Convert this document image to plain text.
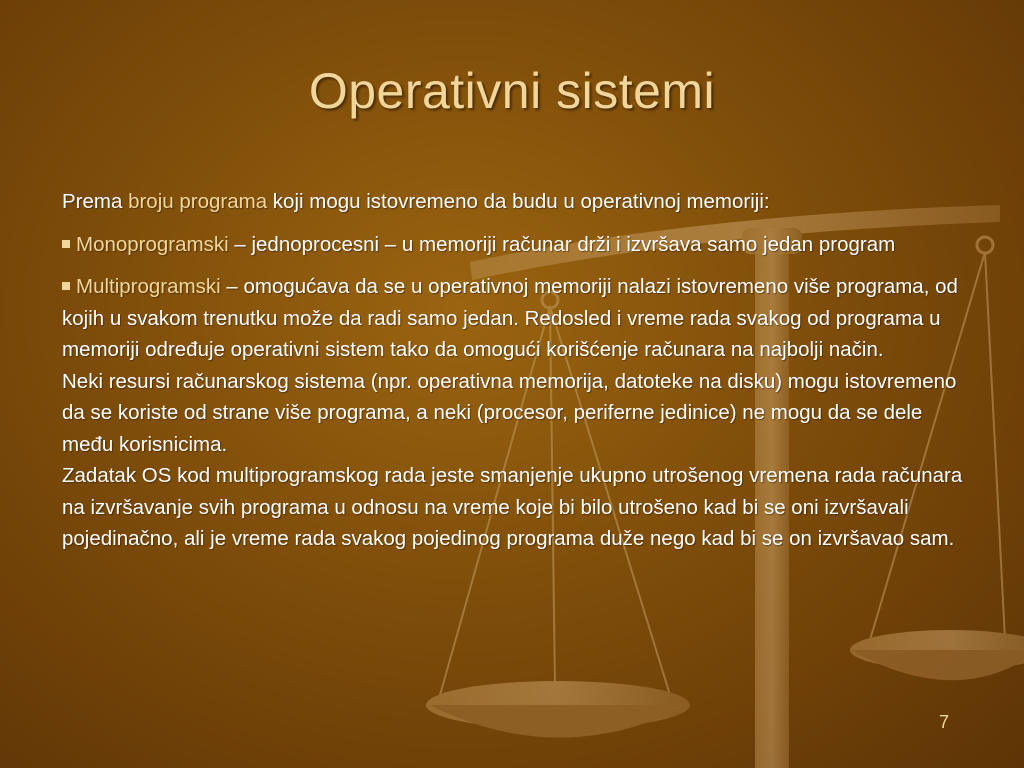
Operativni sistemi

Prema broju programa koji mogu istovremeno da budu u operativnoj memoriji:

Monoprogramski – jednoprocesni – u memoriji računar drži i izvršava samo jedan program

Multiprogramski – omogućava da se u operativnoj memoriji nalazi istovremeno više programa, od kojih u svakom trenutku može da radi samo jedan. Redosled i vreme rada svakog od programa u memoriji određuje operativni sistem tako da omogući korišćenje računara na najbolji način.
Neki resursi računarskog sistema (npr. operativna memorija, datoteke na disku) mogu istovremeno da se koriste od strane više programa, a neki (procesor, periferne jedinice) ne mogu da se dele među korisnicima.
Zadatak OS kod multiprogramskog rada jeste smanjenje ukupno utrošenog vremena rada računara na izvršavanje svih programa u odnosu na vreme koje bi bilo utrošeno kad bi se oni izvršavali pojedinačno, ali je vreme rada svakog pojedinog programa duže nego kad bi se on izvršavao sam.

7
